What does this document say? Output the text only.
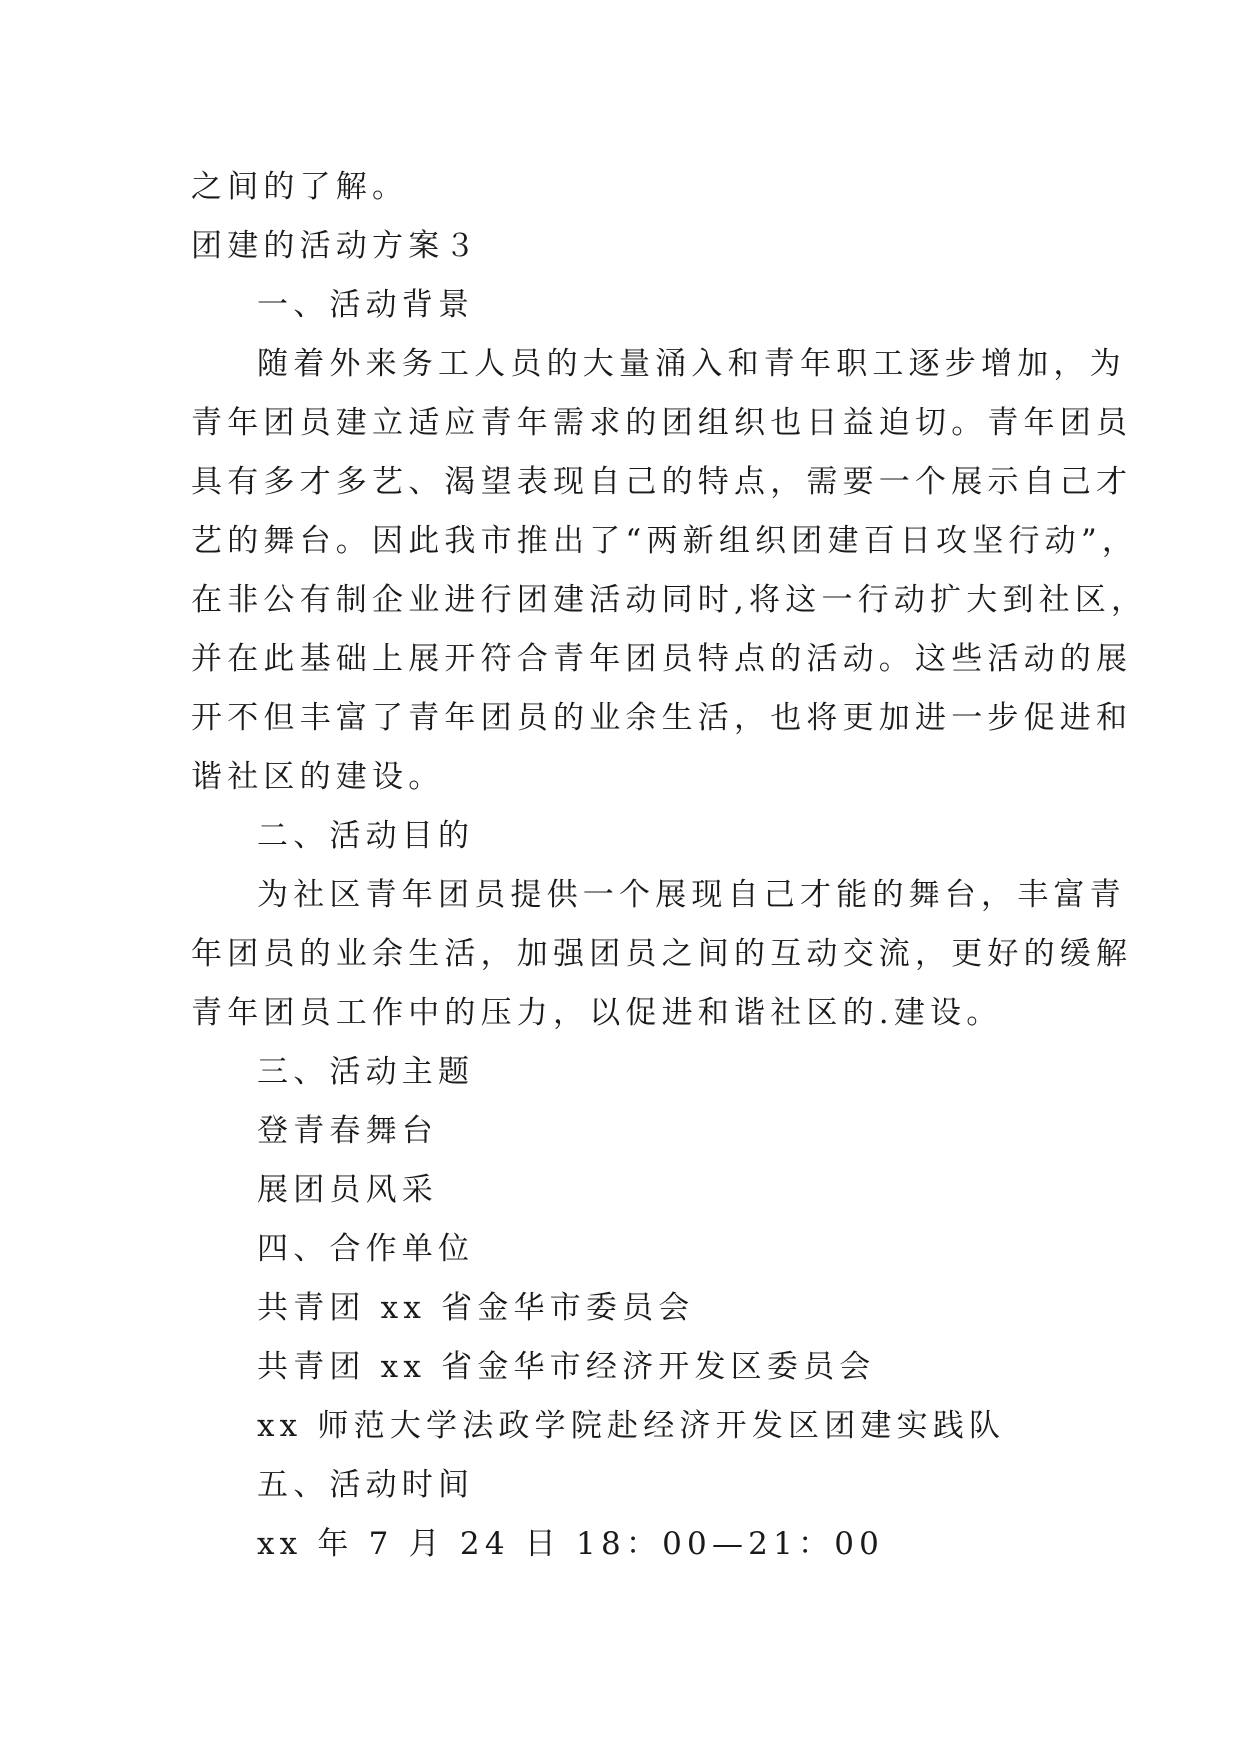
之间的了解。
团建的活动方案３
一、活动背景
随着外来务工人员的大量涌入和青年职工逐步增加，为
青年团员建立适应青年需求的团组织也日益迫切。青年团员
具有多才多艺、渴望表现自己的特点，需要一个展示自己才
艺的舞台。因此我市推出了“两新组织团建百日攻坚行动”，
在非公有制企业进行团建活动同时,将这一行动扩大到社区，
并在此基础上展开符合青年团员特点的活动。这些活动的展
开不但丰富了青年团员的业余生活，也将更加进一步促进和
谐社区的建设。
二、活动目的
为社区青年团员提供一个展现自己才能的舞台，丰富青
年团员的业余生活，加强团员之间的互动交流，更好的缓解
青年团员工作中的压力，以促进和谐社区的.建设。
三、活动主题
登青春舞台
展团员风采
四、合作单位
共青团 xx 省金华市委员会
共青团 xx 省金华市经济开发区委员会
xx 师范大学法政学院赴经济开发区团建实践队
五、活动时间
xx 年 7 月 24 日 18：00—21：00
